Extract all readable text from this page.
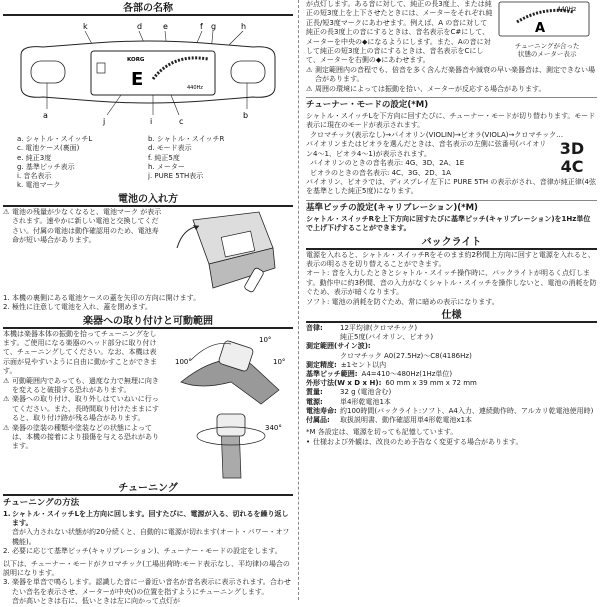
各部の名称
k	d	e	f g	h
KORG
E	440Hz
a
j	i	c
b
a. シャトル・スイッチL	b. シャトル・スイッチR
c. 電池ケース(裏面)	d. モード表示
e. 純正3度	f. 純正5度
g. 基準ピッチ表示	h. メーター
i. 音名表示	j. PURE 5TH表示
k. 電池マーク
電池の入れ方

⚠ 電池の残量が少なくなると、電池マーク が表示されます。速やかに新しい電池と交換してください。付属の電池は動作確認用のため、電池寿命が短い場合があります。

1. 本機の裏側にある電池ケースの蓋を矢印の方向に開けます。

2. 極性に注意して電池を入れ、蓋を閉めます。

楽器への取り付けと可動範囲

本機は楽器本体の振動を拾ってチューニングをします。ご使用になる楽器のヘッド部分に取り付けて、チューニングしてください。なお、本機は表示面が見やすいように自由に動かすことができます。

⚠ 可動範囲内であっても、過度な力で無理に向きを変えると破損する恐れがあります。

⚠ 楽器への取り付け、取り外しはていねいに行ってください。また、長時間取り付けたままにすると、取り付け跡が残る場合があります。

⚠ 楽器の塗装の種類や塗装などの状態によっては、本機の接着により損傷を与える恐れがあります。

10°
100°	10°
340°
チューニング
チューニングの方法

1. シャトル・スイッチLを上方向に回します。回すたびに、電源が入る、切れるを繰り返します。

音が入力されない状態が約20分続くと、自動的に電源が切れます(オート・パワー・オフ機能)。

2. 必要に応じて基準ピッチ(キャリブレーション)、チューナー・モードの設定をします。

以下は、チューナー・モードがクロマチック(工場出荷時:モード表示なし、平均律)の場合の説明になります。

3. 楽器を単音で鳴らします。認識した音に一番近い音名が音名表示に表示されます。合わせたい音名を表示させ、メーターが中央()の位置を指すようにチューニングします。

音が高いときは右に、低いときは左に向かって点灯が

が点灯します。ある音に対して、純正の長3度上、または純正の短3度上を上下させたときには、メーターをそれぞれ純正長/短3度マークにあわせます。例えば、A の音に対して純正の長3度上の音にするときは、音名表示をC#にして、メーターを中央の◆になるようにします。また、Aの音に対して純正の短3度上の音にするときは、音名表示をCにして、メーターを右側の◆にあわせます。

A
440Hz
チューニングが合った
状態のメーター表示

⚠ 測定範囲内の音程でも、倍音を多く含んだ楽器音や減衰の早い楽器音は、測定できない場合があります。

⚠ 周囲の環境によっては振動を拾い、メーターが反応する場合があります。

チューナー・モードの設定(*M)

シャトル・スイッチLを下方向に回すたびに、チューナー・モードが切り替わります。モード表示に現在のモードが表示されます。

クロマチック(表示なし)→バイオリン(VIOLIN)→ビオラ(VIOLA)→クロマチック…

バイオリンまたはビオラを選んだときは、音名表示の左側に弦番号(バイオリン4〜1、ビオラ4〜1)が表示されます。

バイオリンのときの音名表示: 4G、3D、2A、1E

ビオラのときの音名表示: 4C、3G、2D、1A

3D
4C

バイオリン、ビオラでは、ディスプレイ左下に PURE 5TH の表示がされ、音律が純正律(4弦を基準とした純正5度)になります。

基準ピッチの設定(キャリブレーション)(*M)

シャトル・スイッチRを上下方向に回すたびに基準ピッチ(キャリブレーション)を1Hz単位で上げ下げすることができます。

バックライト

電源を入れると、シャトル・スイッチRをそのまま約2秒間上方向に回すと電源を入れると、表示の明るさを切り替えることができます。

オート: 音を入力したときとシャトル・スイッチ操作時に、バックライトが明るく点灯します。動作中に約3秒間、音の入力がなくシャトル・スイッチを操作しないと、電池の消耗を防ぐため、表示が暗くなります。

ソフト: 電池の消耗を防ぐため、常に暗めの表示になります。

仕様
音律:	12平均律(クロマチック)
純正5度(バイオリン、ビオラ)
測定範囲(サイン波):
クロマチック A0(27.5Hz)〜C8(4186Hz)
測定精度: ±1セント以内
基準ピッチ範囲: A4=410〜480Hz(1Hz単位)
外形寸法(W x D x H): 60 mm x 39 mm x 72 mm
質量:	32 g (電池含む)
電源:	単4形乾電池1本
電池寿命: 約100時間(バックライト:ソフト、A4入力、連続動作時、アルカリ乾電池使用時)
付属品:	取扱説明書、動作確認用単4形乾電池x1本

*M 各設定は、電源を切っても記憶しています。

• 仕様および外観は、改良のため予告なく変更する場合があります。
